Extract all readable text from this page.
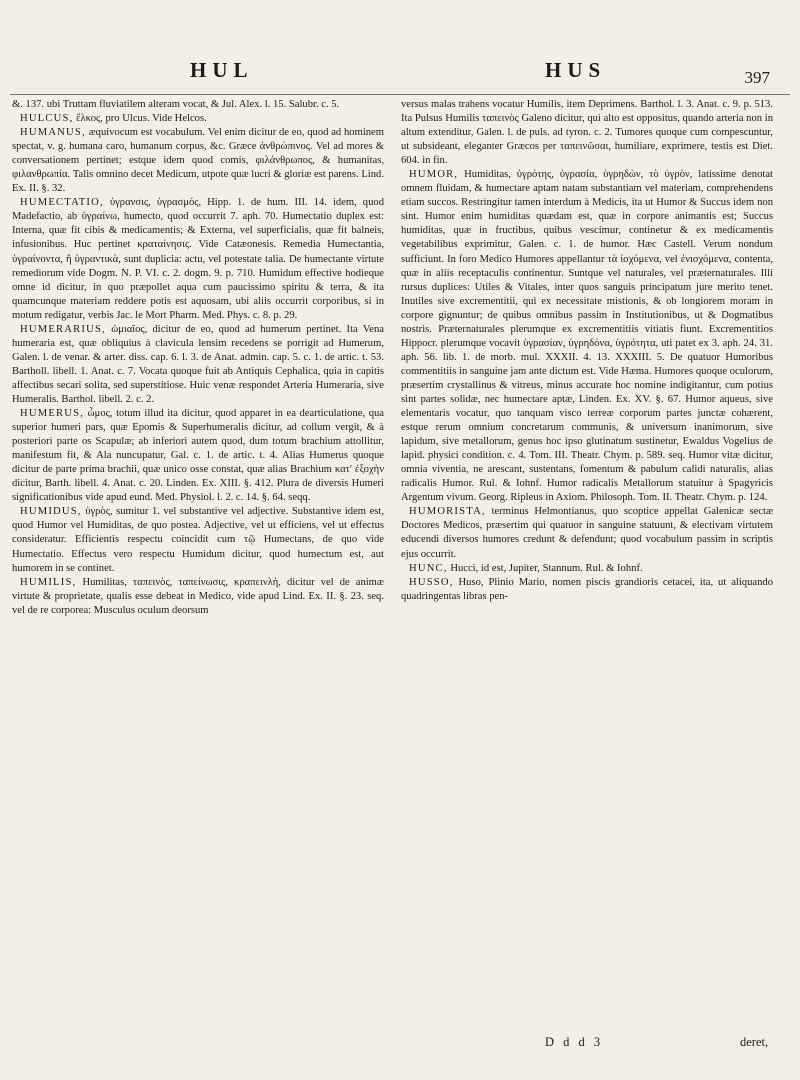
HUL	HUS	397

&. 137. ubi Truttam fluviatilem alteram vocat, & Jul. Alex. l. 15. Salubr. c. 5.

HULCUS, ἕλκος, pro Ulcus. Vide Helcos.

HUMANUS, æquivocum est vocabulum. Vel enim dicitur de eo, quod ad hominem spectat, v. g. humana caro, humanum corpus, &c. Græce ἀνθρώπινος. Vel ad mores & conversationem pertinet; estque idem quod comis, φιλάνθρωπος, & humanitas, φιλανθρωπία. Talis omnino decet Medicum, utpote quæ lucri & gloriæ est parens. Lind. Ex. II. §. 32.

HUMECTATIO, ὑγρανσις, ὑγρασμός, Hipp. 1. de hum. III. 14. idem, quod Madefactio, ab ὑγραίνω, humecto, quod occurrit 7. aph. 70. Humectatio duplex est: Interna, quæ fit cibis & medicamentis; & Externa, vel superficialis, quæ fit balneis, infusionibus. Huc pertinet κραταίνησις. Vide Catæonesis. Remedia Humectantia, ὑγραίνοντα, ἢ ὑγραντικὰ, sunt duplicia: actu, vel potestate talia. De humectante virtute remediorum vide Dogm. N. P. VI. c. 2. dogm. 9. p. 710. Humidum effective hodieque omne id dicitur, in quo præpollet aqua cum paucissimo spiritu & terra, & ita quamcunque materiam reddere potis est aquosam, ubi aliis occurrit corporibus, si in motum redigatur, verbis Jac. le Mort Pharm. Med. Phys. c. 8. p. 29.

HUMERARIUS, ὠμιαῖος, dicitur de eo, quod ad humerum pertinet. Ita Vena humeraria est, quæ obliquius à clavicula lensim recedens se porrigit ad Humerum, Galen. l. de venar. & arter. diss. cap. 6. l. 3. de Anat. admin. cap. 5. c. 1. de artic. t. 53. Bartholl. libell. 1. Anat. c. 7. Vocata quoque fuit ab Antiquis Cephalica, quia in capitis affectibus secari solita, sed superstitiose. Huic venæ respondet Arteria Humeraria, sive Humeralis. Barthol. libell. 2. c. 2.

HUMERUS, ὦμος, totum illud ita dicitur, quod apparet in ea dearticulatione, qua superior humeri pars, quæ Epomis & Superhumeralis dicitur, ad collum vergit, & à posteriori parte os Scapulæ; ab inferiori autem quod, dum totum brachium attollitur, manifestum fit, & Ala nuncupatur, Gal. c. 1. de artic. t. 4. Alias Humerus quoque dicitur de parte prima brachii, quæ unico osse constat, quæ alias Brachium κατ' ἐξοχὴν dicitur, Barth. libell. 4. Anat. c. 20. Linden. Ex. XIII. §. 412. Plura de diversis Humeri significationibus vide apud eund. Med. Physiol. l. 2. c. 14. §. 64. seqq.

HUMIDUS, ὑγρὸς, sumitur 1. vel substantive vel adjective. Substantive idem est, quod Humor vel Humiditas, de quo postea. Adjective, vel ut efficiens, vel ut effectus consideratur. Efficientis respectu coincidit cum τῷ Humectans, de quo vide Humectatio. Effectus vero respectu Humidum dicitur, quod humectum est, aut humorem in se continet.

HUMILIS, Humilitas, ταπεινὸς, ταπείνωσις, κραπεινλὴ, dicitur vel de animæ virtute & proprietate, qualis esse debeat in Medico, vide apud Lind. Ex. II. §. 23. seq. vel de re corporea: Musculus oculum deorsum

versus malas trahens vocatur Humilis, item Deprimens. Barthol. l. 3. Anat. c. 9. p. 513. Ita Pulsus Humilis ταπεινὸς Galeno dicitur, qui alto est oppositus, quando arteria non in altum extenditur, Galen. l. de puls. ad tyron. c. 2. Tumores quoque cum compescuntur, ut subsideant, eleganter Græcos per ταπεινῶσαι, humiliare, exprimere, testis est Diet. 604. in fin.

HUMOR, Humiditas, ὑγρότης, ὑγρασία, ὑγρηδὼν, τὸ ὑγρὸν, latissime denotat omnem fluidam, & humectare aptam natam substantiam vel materiam, comprehendens etiam succos. Restringitur tamen interdum à Medicis, ita ut Humor & Succus idem non sint. Humor enim humiditas quædam est, quæ in corpore animantis est; Succus humiditas, quæ in fructibus, quibus vescimur, continetur & ex medicamentis vegetabilibus exprimitur, Galen. c. 1. de humor. Hæc Castell. Verum nondum sufficiunt. In foro Medico Humores appellantur τὰ ἰσχόμενα, vel ἐνισχόμενα, contenta, quæ in aliis receptaculis continentur. Suntque vel naturales, vel præternaturales. Illi rursus duplices: Utiles & Vitales, inter quos sanguis principatum jure merito tenet. Inutiles sive excrementitii, qui ex necessitate mistionis, & ob longiorem moram in corpore gignuntur; de quibus omnibus passim in Institutionibus, ut & Dogmatibus nostris. Præternaturales plerumque ex excrementitiis vitiatis fiunt. Excrementitios Hippocr. plerumque vocavit ὑγρασίαν, ὑγρηδόνα, ὑγρότητα, uti patet ex 3. aph. 24. 31. aph. 56. lib. 1. de morb. mul. XXXII. 4. 13. XXXIII. 5. De quatuor Humoribus commentitiis in sanguine jam ante dictum est. Vide Hæma. Humores quoque oculorum, præsertim crystallinus & vitreus, minus accurate hoc nomine indigitantur, cum potius sint partes solidæ, nec humectare aptæ, Linden. Ex. XV. §. 67. Humor aqueus, sive elementaris vocatur, quo tanquam visco terreæ corporum partes junctæ cohærent, estque rerum omnium concretarum communis, & universum inanimorum, sive lapidum, sive metallorum, genus hoc ipso glutinatum sustinetur, Ewaldus Vogelius de lapid. physici condition. c. 4. Tom. III. Theatr. Chym. p. 589. seq. Humor vitæ dicitur, omnia viventia, ne arescant, sustentans, fomentum & pabulum calidi naturalis, alias radicalis Humor. Rul. & Iohnf. Humor radicalis Metallorum statuitur à Spagyricis Argentum vivum. Georg. Ripleus in Axiom. Philosoph. Tom. II. Theatr. Chym. p. 124.

HUMORISTA, terminus Helmontianus, quo scoptice appellat Galenicæ sectæ Doctores Medicos, præsertim qui quatuor in sanguine statuunt, & electivam virtutem educendi diversos humores credunt & defendunt; quod vocabulum passim in scriptis ejus occurrit.

HUNC, Hucci, id est, Jupiter, Stannum. Rul. & Iohnf.

HUSSO, Huso, Plinio Mario, nomen piscis grandioris cetacei, ita, ut aliquando quadringentas libras pen-

D d d 3	deret,
